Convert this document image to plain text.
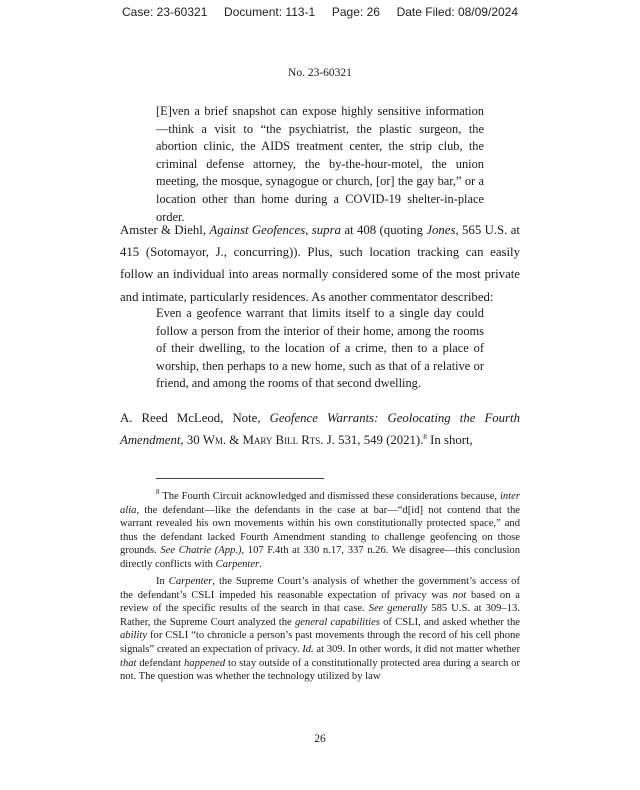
Case: 23-60321     Document: 113-1     Page: 26     Date Filed: 08/09/2024
No. 23-60321
[E]ven a brief snapshot can expose highly sensitive information—think a visit to “the psychiatrist, the plastic surgeon, the abortion clinic, the AIDS treatment center, the strip club, the criminal defense attorney, the by-the-hour-motel, the union meeting, the mosque, synagogue or church, [or] the gay bar,” or a location other than home during a COVID-19 shelter-in-place order.
Amster & Diehl, Against Geofences, supra at 408 (quoting Jones, 565 U.S. at 415 (Sotomayor, J., concurring)). Plus, such location tracking can easily follow an individual into areas normally considered some of the most private and intimate, particularly residences. As another commentator described:
Even a geofence warrant that limits itself to a single day could follow a person from the interior of their home, among the rooms of their dwelling, to the location of a crime, then to a place of worship, then perhaps to a new home, such as that of a relative or friend, and among the rooms of that second dwelling.
A. Reed McLeod, Note, Geofence Warrants: Geolocating the Fourth Amendment, 30 Wm. & Mary Bill Rts. J. 531, 549 (2021).$^8$ In short,
$^8$ The Fourth Circuit acknowledged and dismissed these considerations because, inter alia, the defendant—like the defendants in the case at bar—“d[id] not contend that the warrant revealed his own movements within his own constitutionally protected space,” and thus the defendant lacked Fourth Amendment standing to challenge geofencing on those grounds. See Chatrie (App.), 107 F.4th at 330 n.17, 337 n.26. We disagree—this conclusion directly conflicts with Carpenter.
In Carpenter, the Supreme Court’s analysis of whether the government’s access of the defendant’s CSLI impeded his reasonable expectation of privacy was not based on a review of the specific results of the search in that case. See generally 585 U.S. at 309–13. Rather, the Supreme Court analyzed the general capabilities of CSLI, and asked whether the ability for CSLI “to chronicle a person’s past movements through the record of his cell phone signals” created an expectation of privacy. Id. at 309. In other words, it did not matter whether that defendant happened to stay outside of a constitutionally protected area during a search or not. The question was whether the technology utilized by law
26
